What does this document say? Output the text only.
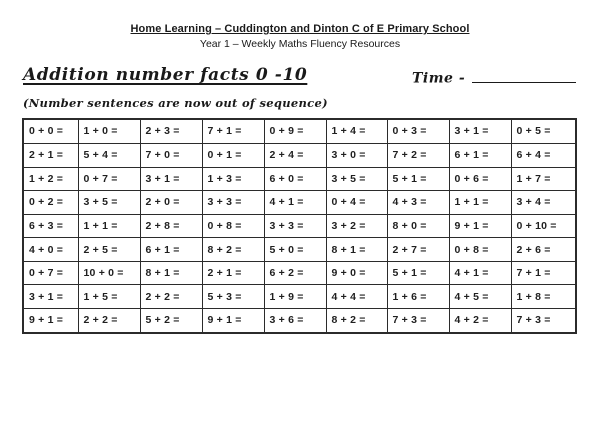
Home Learning – Cuddington and Dinton C of E Primary School
Year 1 – Weekly Maths Fluency Resources
Addition number facts 0 -10	Time -
(Number sentences are now out of sequence)
0 + 0 =	1 + 0 =	2 + 3 =	7 + 1 =	0 + 9 =	1 + 4 =	0 + 3 =	3 + 1 =	0 + 5 =
2 + 1 =	5 + 4 =	7 + 0 =	0 + 1 =	2 + 4 =	3 + 0 =	7 + 2 =	6 + 1 =	6 + 4 =
1 + 2 =	0 + 7 =	3 + 1 =	1 + 3 =	6 + 0 =	3 + 5 =	5 + 1 =	0 + 6 =	1 + 7 =
0 + 2 =	3 + 5 =	2 + 0 =	3 + 3 =	4 + 1 =	0 + 4 =	4 + 3 =	1 + 1 =	3 + 4 =
6 + 3 =	1 + 1 =	2 + 8 =	0 + 8 =	3 + 3 =	3 + 2 =	8 + 0 =	9 + 1 =	0 + 10 =
4 + 0 =	2 + 5 =	6 + 1 =	8 + 2 =	5 + 0 =	8 + 1 =	2 + 7 =	0 + 8 =	2 + 6 =
0 + 7 =	10 + 0 =	8 + 1 =	2 + 1 =	6 + 2 =	9 + 0 =	5 + 1 =	4 + 1 =	7 + 1 =
3 + 1 =	1 + 5 =	2 + 2 =	5 + 3 =	1 + 9 =	4 + 4 =	1 + 6 =	4 + 5 =	1 + 8 =
9 + 1 =	2 + 2 =	5 + 2 =	9 + 1 =	3 + 6 =	8 + 2 =	7 + 3 =	4 + 2 =	7 + 3 =
